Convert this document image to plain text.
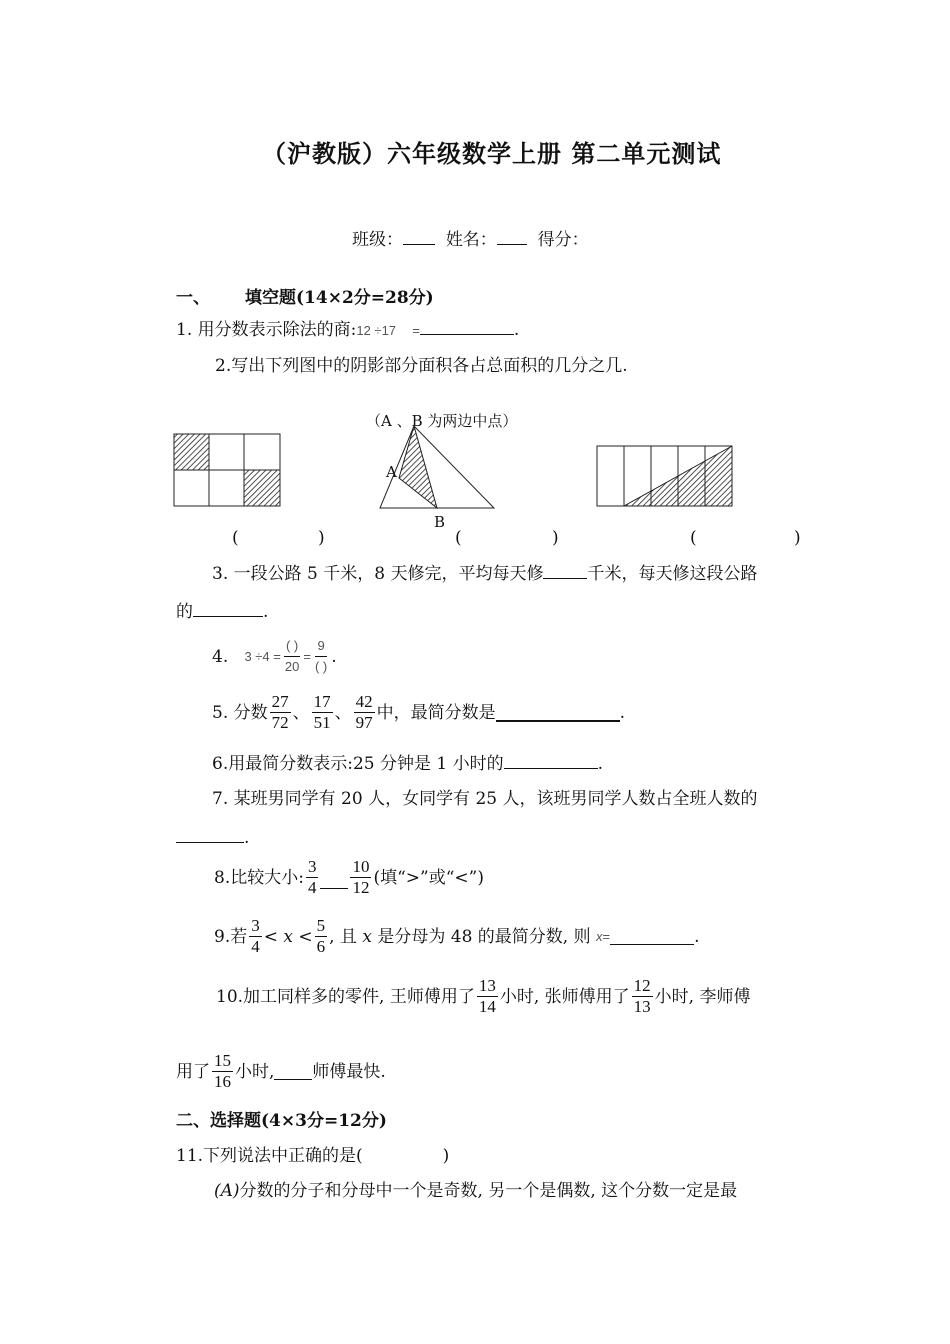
（沪教版）六年级数学上册 第二单元测试
班级：	姓名： 得分：
一、 填空题(14×2分=28分)
1. 用分数表示除法的商:12 ÷17 =	.
2.写出下列图中的阴影部分面积各占总面积的几分之几.
（A 、B 为两边中点）
A
B
(	)	(	)	(	)
3. 一段公路 5 千米，8 天修完，平均每天修	千米，每天修这段公路
的	.
4.
$3 \div 4 = \frac{( )}{20} = \frac{9}{( )}$ .
5. 分数 $\frac{27}{72}$ 、 $\frac{17}{51}$ 、 $\frac{42}{97}$ 中，最简分数是	.
6.用最简分数表示:25 分钟是 1 小时的	.
7. 某班男同学有 20 人，女同学有 25 人，该班男同学人数占全班人数的
.
8.比较大小: $\frac{3}{4} \frac{10}{12}$ (填“>”或“<”)
9.若 $\frac{3}{4}$ <
x
< $\frac{5}{6}$ , 且
x
是分母为 48 的最简分数, 则
x =	.
10.加工同样多的零件, 王师傅用了 $\frac{13}{14}$ 小时, 张师傅用了 $\frac{12}{13}$ 小时, 李师傅
用了 $\frac{15}{16}$ 小时, 师傅最快.
二、选择题(4×3分=12分)
11.下列说法中正确的是(	)
(A)分数的分子和分母中一个是奇数, 另一个是偶数, 这个分数一定是最
